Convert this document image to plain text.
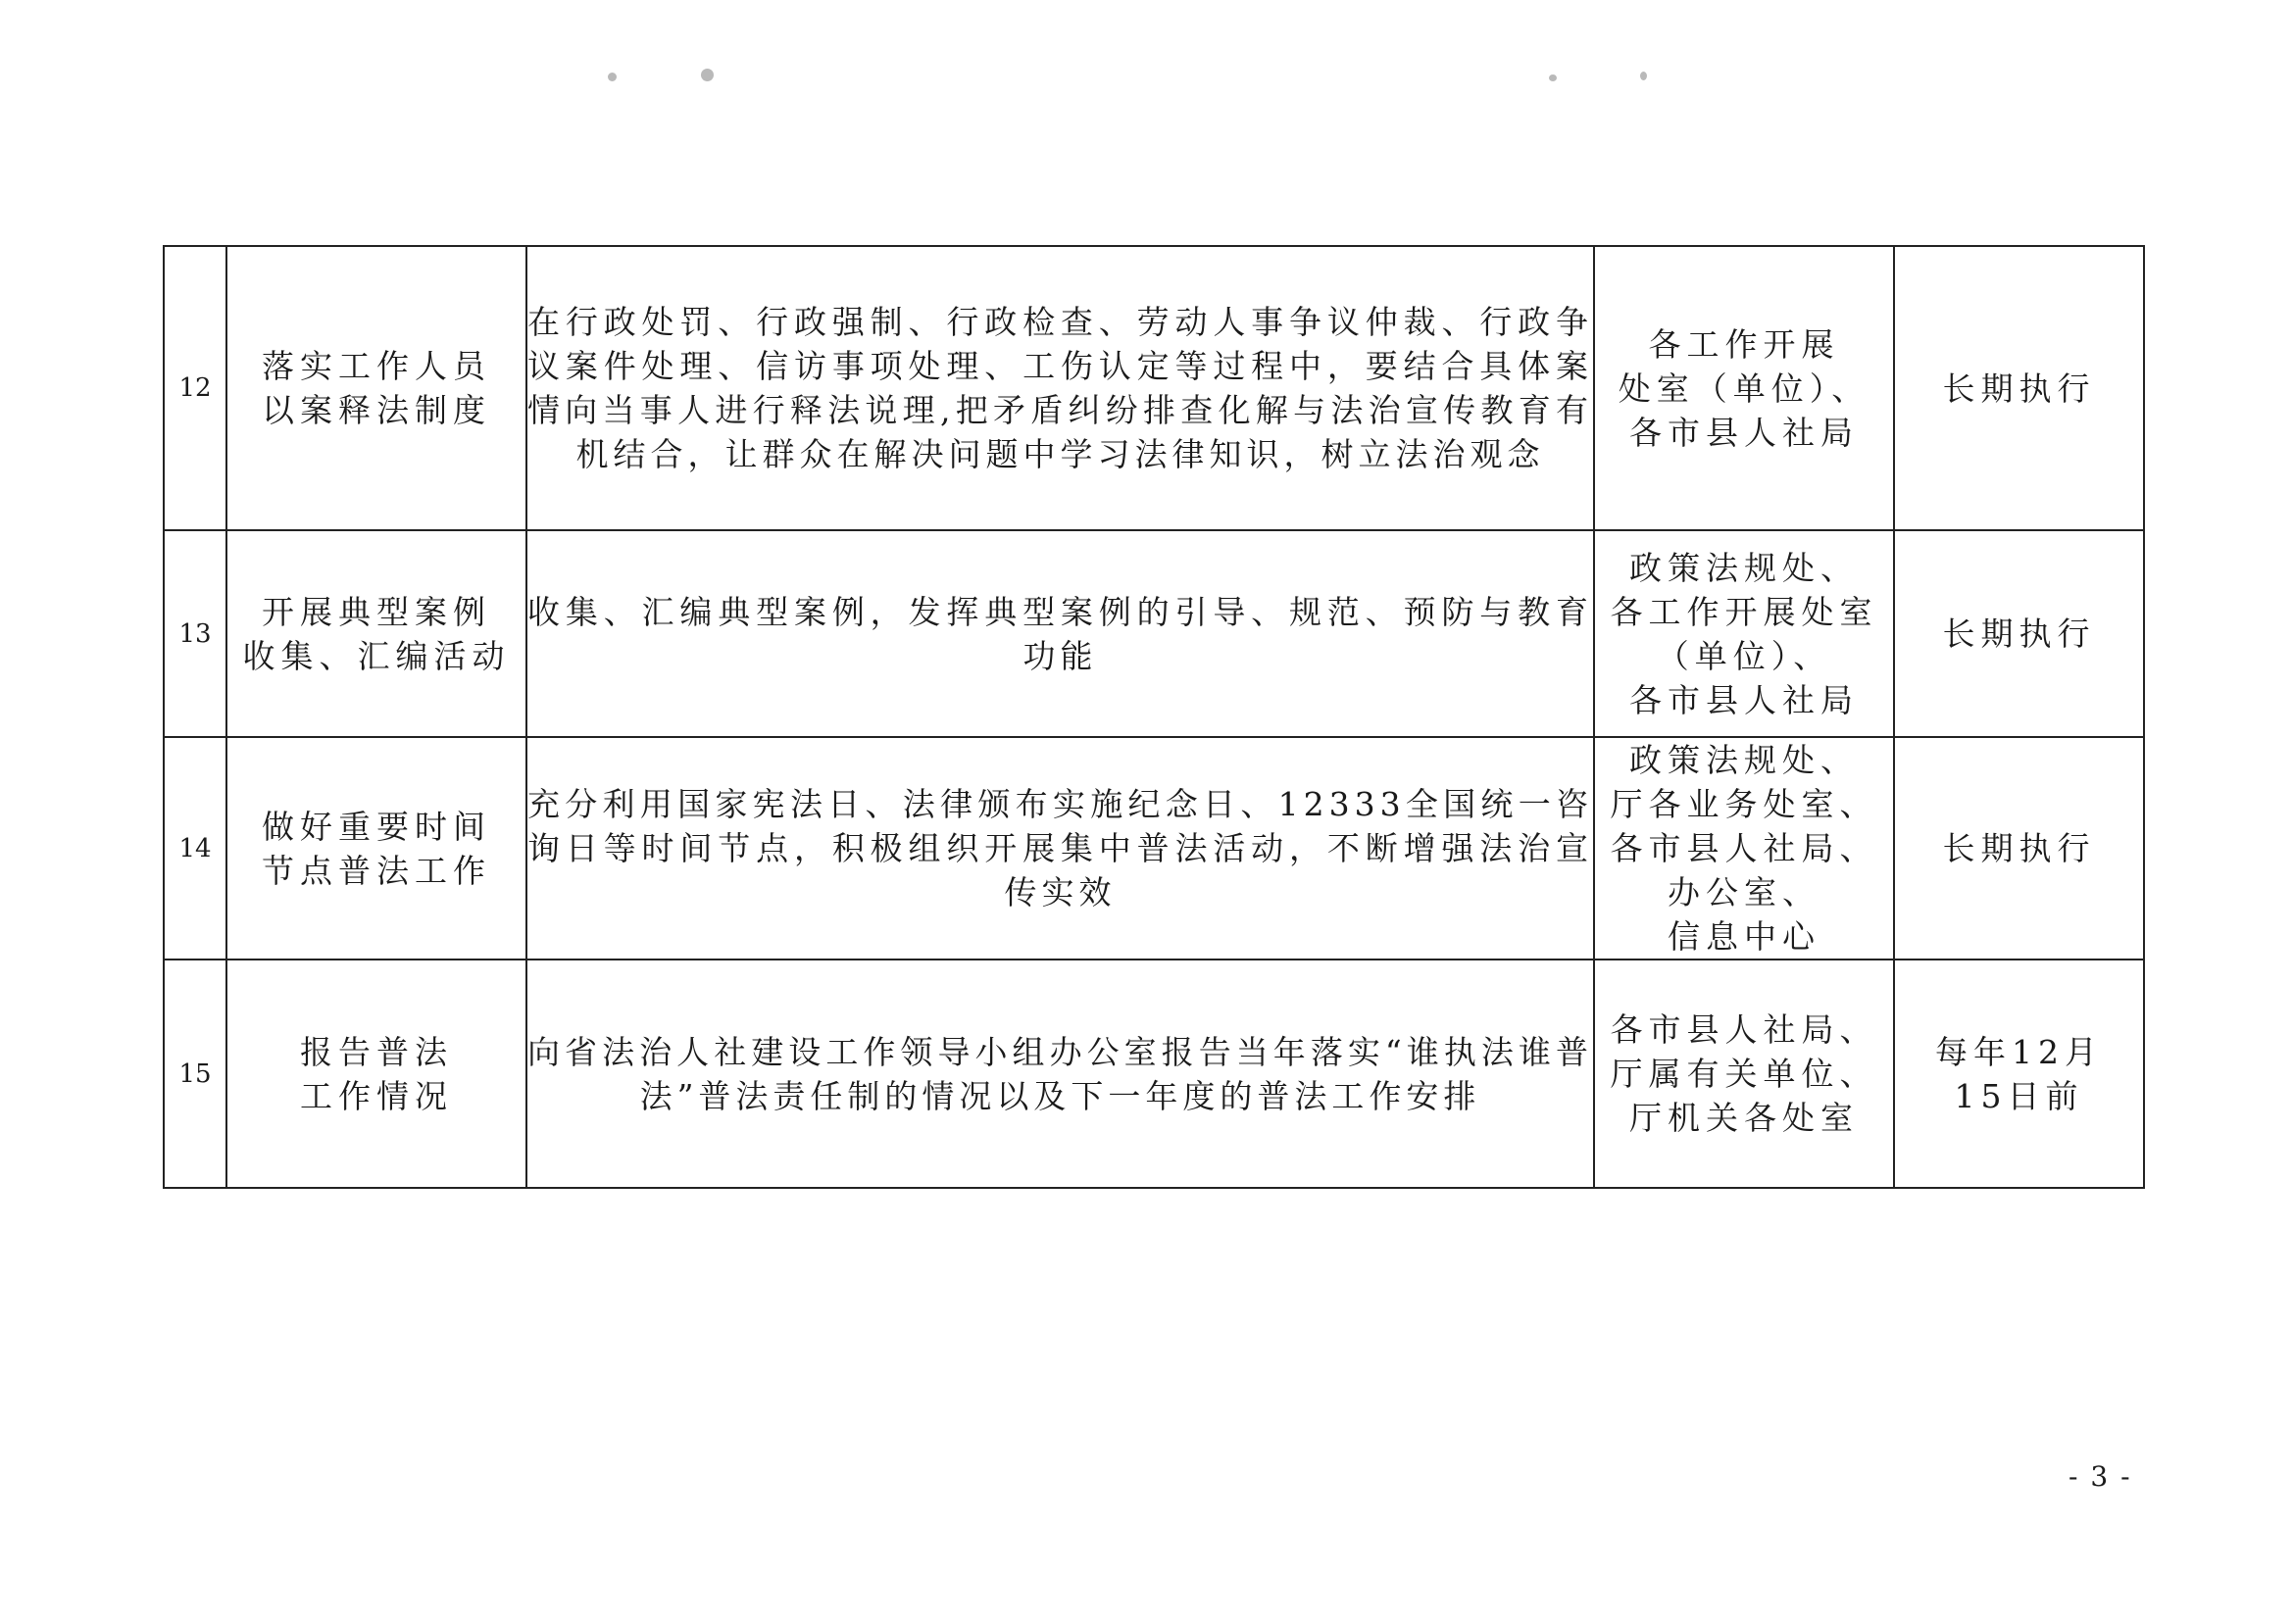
12	落实工作人员
以案释法制度	在行政处罚、行政强制、行政检查、劳动人事争议仲裁、行政争议案件处理、信访事项处理、工伤认定等过程中，要结合具体案情向当事人进行释法说理,把矛盾纠纷排查化解与法治宣传教育有机结合，让群众在解决问题中学习法律知识，树立法治观念	各工作开展
处室（单位）、
各市县人社局	长期执行

13	开展典型案例
收集、汇编活动	收集、汇编典型案例，发挥典型案例的引导、规范、预防与教育功能	政策法规处、
各工作开展处室
（单位）、
各市县人社局	长期执行

14	做好重要时间
节点普法工作	充分利用国家宪法日、法律颁布实施纪念日、12333全国统一咨询日等时间节点，积极组织开展集中普法活动，不断增强法治宣传实效	政策法规处、
厅各业务处室、
各市县人社局、
办公室、
信息中心	长期执行

15	报告普法
工作情况	向省法治人社建设工作领导小组办公室报告当年落实“谁执法谁普法”普法责任制的情况以及下一年度的普法工作安排	各市县人社局、
厅属有关单位、
厅机关各处室	每年12月
15日前
- 3 -
